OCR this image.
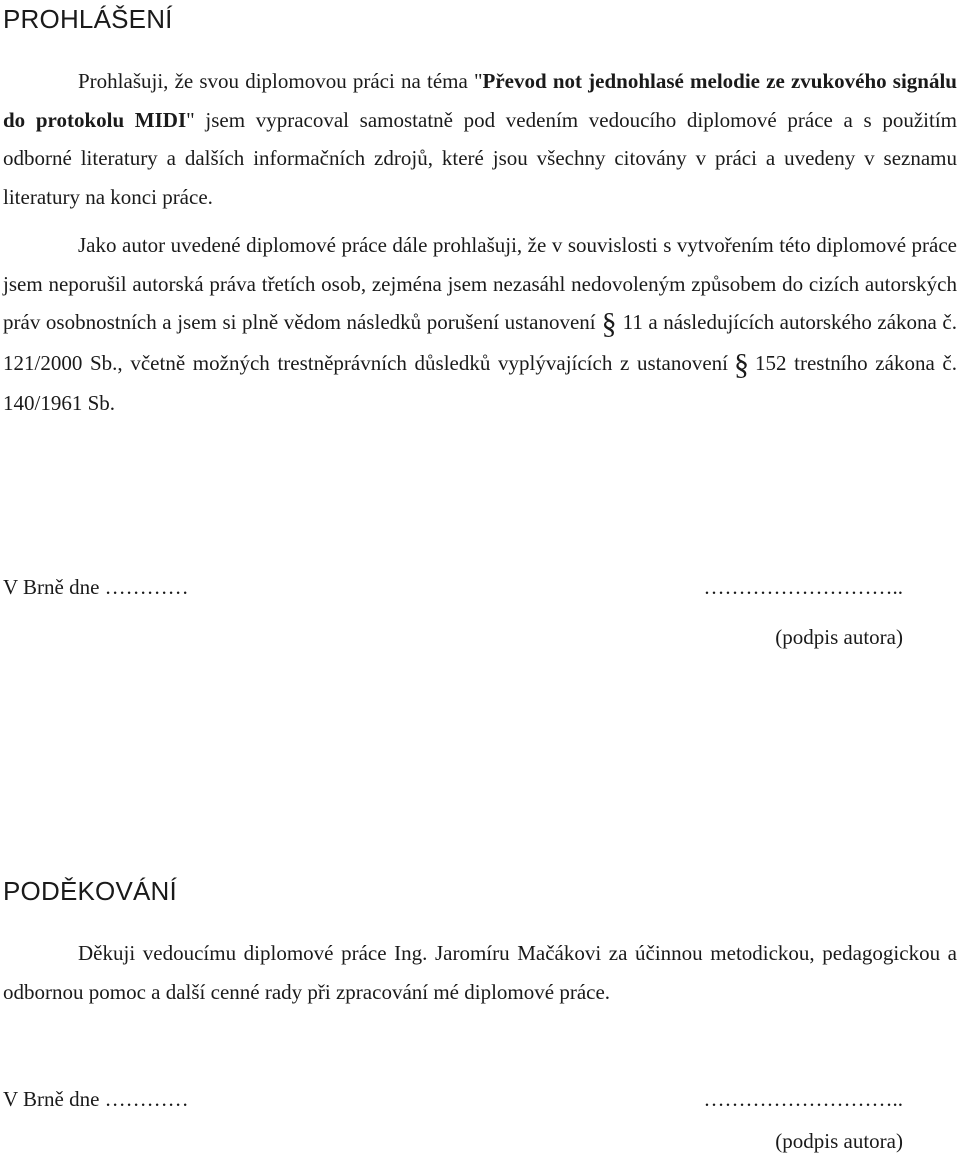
PROHLÁŠENÍ

Prohlašuji, že svou diplomovou práci na téma "Převod not jednohlasé melodie ze zvukového signálu do protokolu MIDI" jsem vypracoval samostatně pod vedením vedoucího diplomové práce a s použitím odborné literatury a dalších informačních zdrojů, které jsou všechny citovány v práci a uvedeny v seznamu literatury na konci práce.

Jako autor uvedené diplomové práce dále prohlašuji, že v souvislosti s vytvořením této diplomové práce jsem neporušil autorská práva třetích osob, zejména jsem nezasáhl nedovoleným způsobem do cizích autorských práv osobnostních a jsem si plně vědom následků porušení ustanovení § 11 a následujících autorského zákona č. 121/2000 Sb., včetně možných trestněprávních důsledků vyplývajících z ustanovení § 152 trestního zákona č. 140/1961 Sb.

V Brně dne …………	………………………..
(podpis autora)
PODĚKOVÁNÍ

Děkuji vedoucímu diplomové práce Ing. Jaromíru Mačákovi za účinnou metodickou, pedagogickou a odbornou pomoc a další cenné rady při zpracování mé diplomové práce.

V Brně dne …………	………………………..
(podpis autora)
